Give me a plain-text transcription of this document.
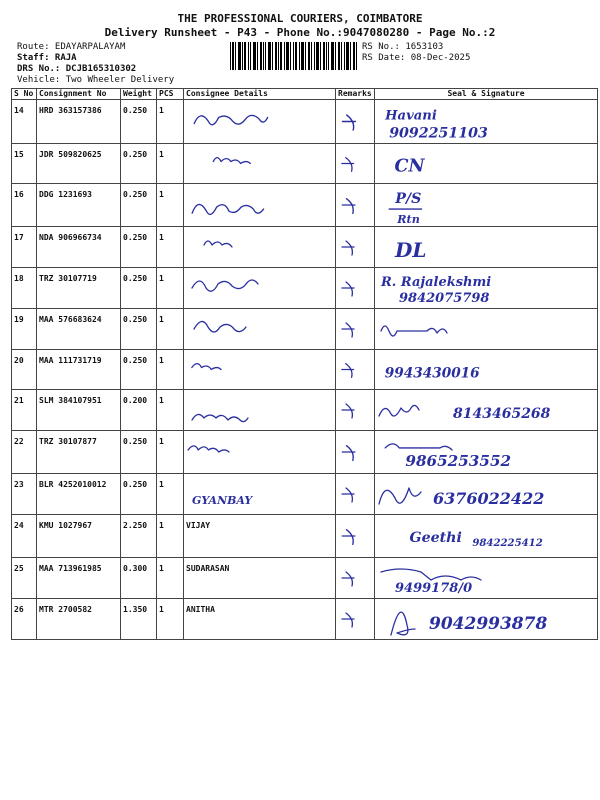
THE PROFESSIONAL COURIERS, COIMBATORE
Delivery Runsheet - P43 - Phone No.:9047080280 - Page No.:2
Route: EDAYARPALAYAM
Staff: RAJA
DRS No.: DCJB165310302
Vehicle: Two Wheeler Delivery
RS No.: 1653103
RS Date: 08-Dec-2025
S No	Consignment No	Weight	PCS	Consignee Details	Remarks	Seal & Signature
14	HRD 363157386	0.250	1			Havani
9092251103

15	JDR 509820625	0.250	1			CN

16	DDG 1231693	0.250	1			P/S
Rtn

17	NDA 906966734	0.250	1			DL

18	TRZ 30107719	0.250	1			R. Rajalekshmi
9842075798

19	MAA 576683624	0.250	1	

20	MAA 111731719	0.250	1			9943430016

21	SLM 384107951	0.200	1			8143465268

22	TRZ 30107877	0.250	1			9865253552

23	BLR 4252010012	0.250	1	GYANBAY		6376022422

24	KMU 1027967	2.250	1	VIJAY		Geethi 9842225412

25	MAA 713961985	0.300	1	SUDARASAN		9499178/0

26	MTR 2700582	1.350	1	ANITHA		9042993878
